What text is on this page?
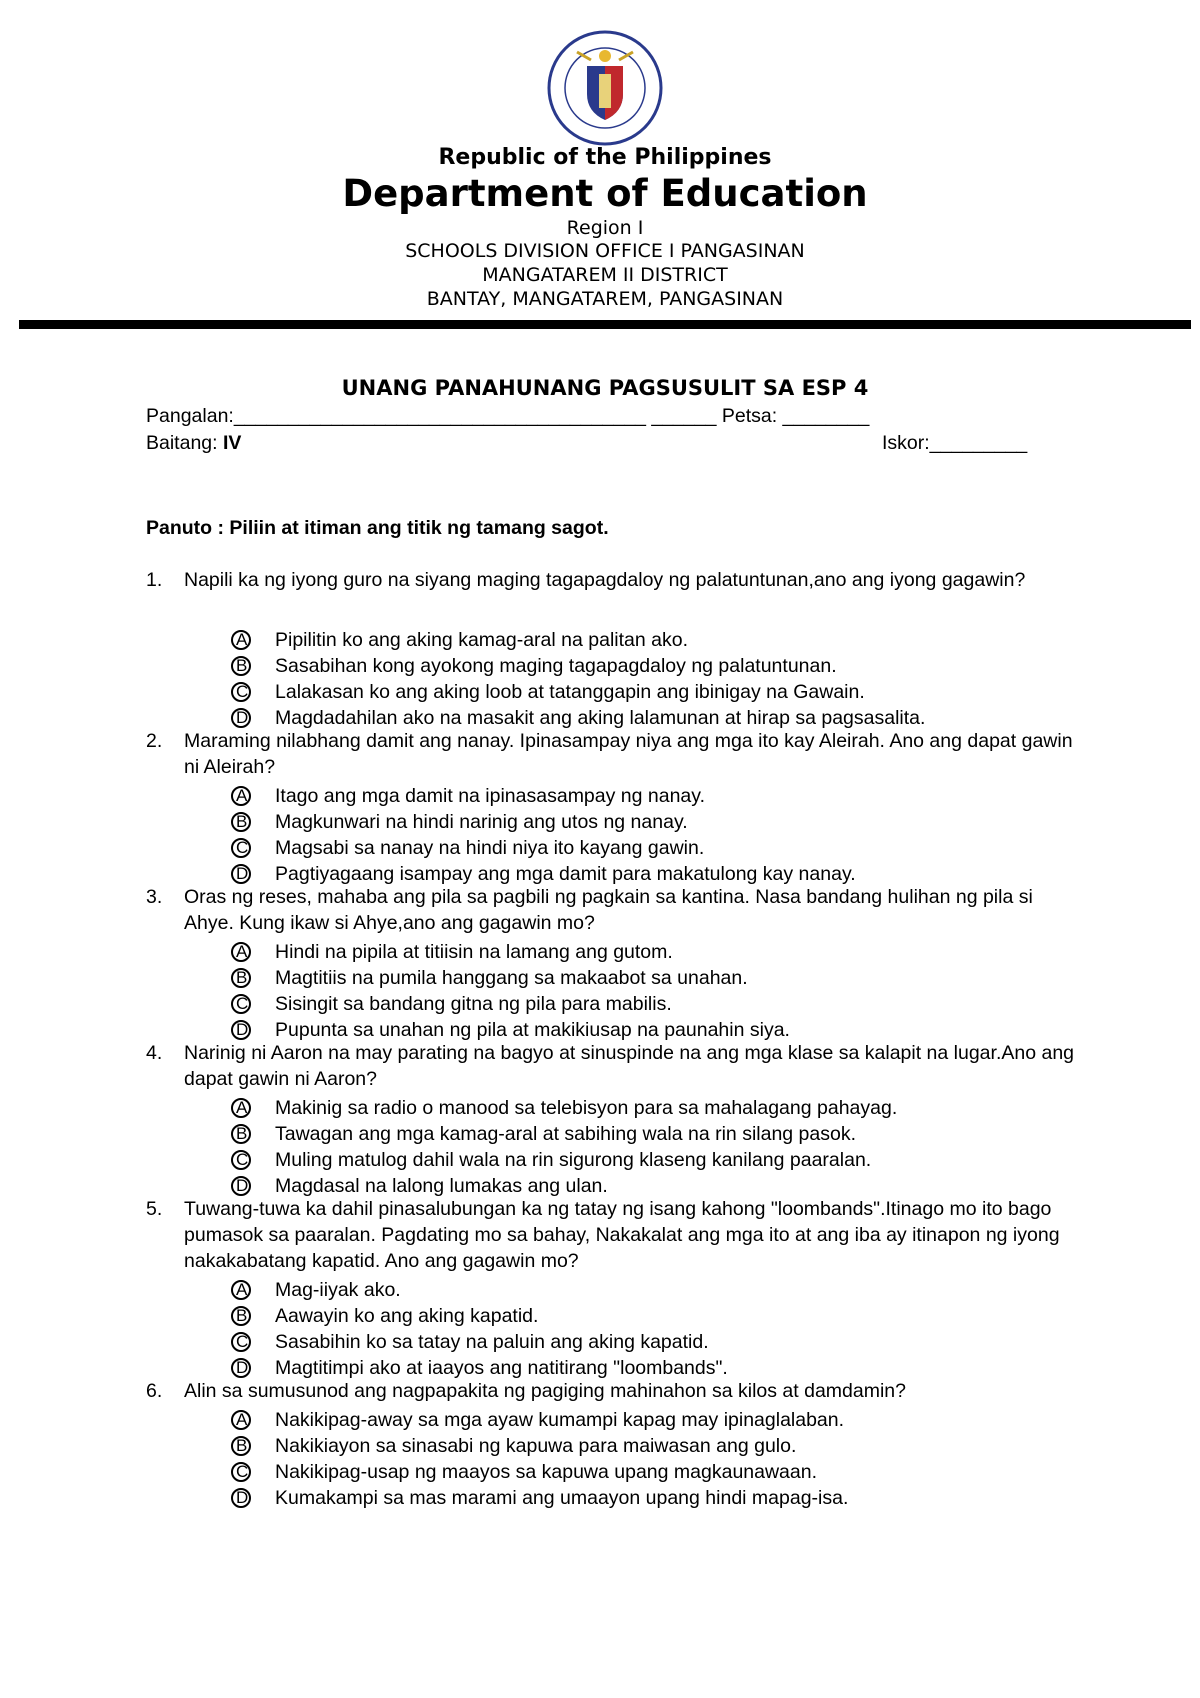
Republic of the Philippines
Department of Education
Region I
SCHOOLS DIVISION OFFICE I PANGASINAN
MANGATAREM II DISTRICT
BANTAY, MANGATAREM, PANGASINAN
UNANG PANAHUNANG PAGSUSULIT SA ESP 4
Pangalan:______________________________________ ______ Petsa: ________
Baitang: IV	Iskor:_________
Panuto : Piliin at itiman ang titik ng tamang sagot.
1. Napili ka ng iyong guro na siyang maging tagapagdaloy ng palatuntunan,ano ang iyong gagawin?
A Pipilitin ko ang aking kamag-aral na palitan ako.
B Sasabihan kong ayokong maging tagapagdaloy ng palatuntunan.
C Lalakasan ko ang aking loob at tatanggapin ang ibinigay na Gawain.
D Magdadahilan ako na masakit ang aking lalamunan at hirap sa pagsasalita.
2. Maraming nilabhang damit ang nanay. Ipinasampay niya ang mga ito kay Aleirah. Ano ang dapat gawin ni Aleirah?
A Itago ang mga damit na ipinasasampay ng nanay.
B Magkunwari na hindi narinig ang utos ng nanay.
C Magsabi sa nanay na hindi niya ito kayang gawin.
D Pagtiyagaang isampay ang mga damit para makatulong kay nanay.
3. Oras ng reses, mahaba ang pila sa pagbili ng pagkain sa kantina. Nasa bandang hulihan ng pila si Ahye. Kung ikaw si Ahye,ano ang gagawin mo?
A Hindi na pipila at titiisin na lamang ang gutom.
B Magtitiis na pumila hanggang sa makaabot sa unahan.
C Sisingit sa bandang gitna ng pila para mabilis.
D Pupunta sa unahan ng pila at makikiusap na paunahin siya.
4. Narinig ni Aaron na may parating na bagyo at sinuspinde na ang mga klase sa kalapit na lugar.Ano ang dapat gawin ni Aaron?
A Makinig sa radio o manood sa telebisyon para sa mahalagang pahayag.
B Tawagan ang mga kamag-aral at sabihing wala na rin silang pasok.
C Muling matulog dahil wala na rin sigurong klaseng kanilang paaralan.
D Magdasal na lalong lumakas ang ulan.
5. Tuwang-tuwa ka dahil pinasalubungan ka ng tatay ng isang kahong "loombands".Itinago mo ito bago pumasok sa paaralan. Pagdating mo sa bahay, Nakakalat ang mga ito at ang iba ay itinapon ng iyong nakakabatang kapatid. Ano ang gagawin mo?
A Mag-iiyak ako.
B Aawayin ko ang aking kapatid.
C Sasabihin ko sa tatay na paluin ang aking kapatid.
D Magtitimpi ako at iaayos ang natitirang "loombands".
6. Alin sa sumusunod ang nagpapakita ng pagiging mahinahon sa kilos at damdamin?
A Nakikipag-away sa mga ayaw kumampi kapag may ipinaglalaban.
B Nakikiayon sa sinasabi ng kapuwa para maiwasan ang gulo.
C Nakikipag-usap ng maayos sa kapuwa upang magkaunawaan.
D Kumakampi sa mas marami ang umaayon upang hindi mapag-isa.
